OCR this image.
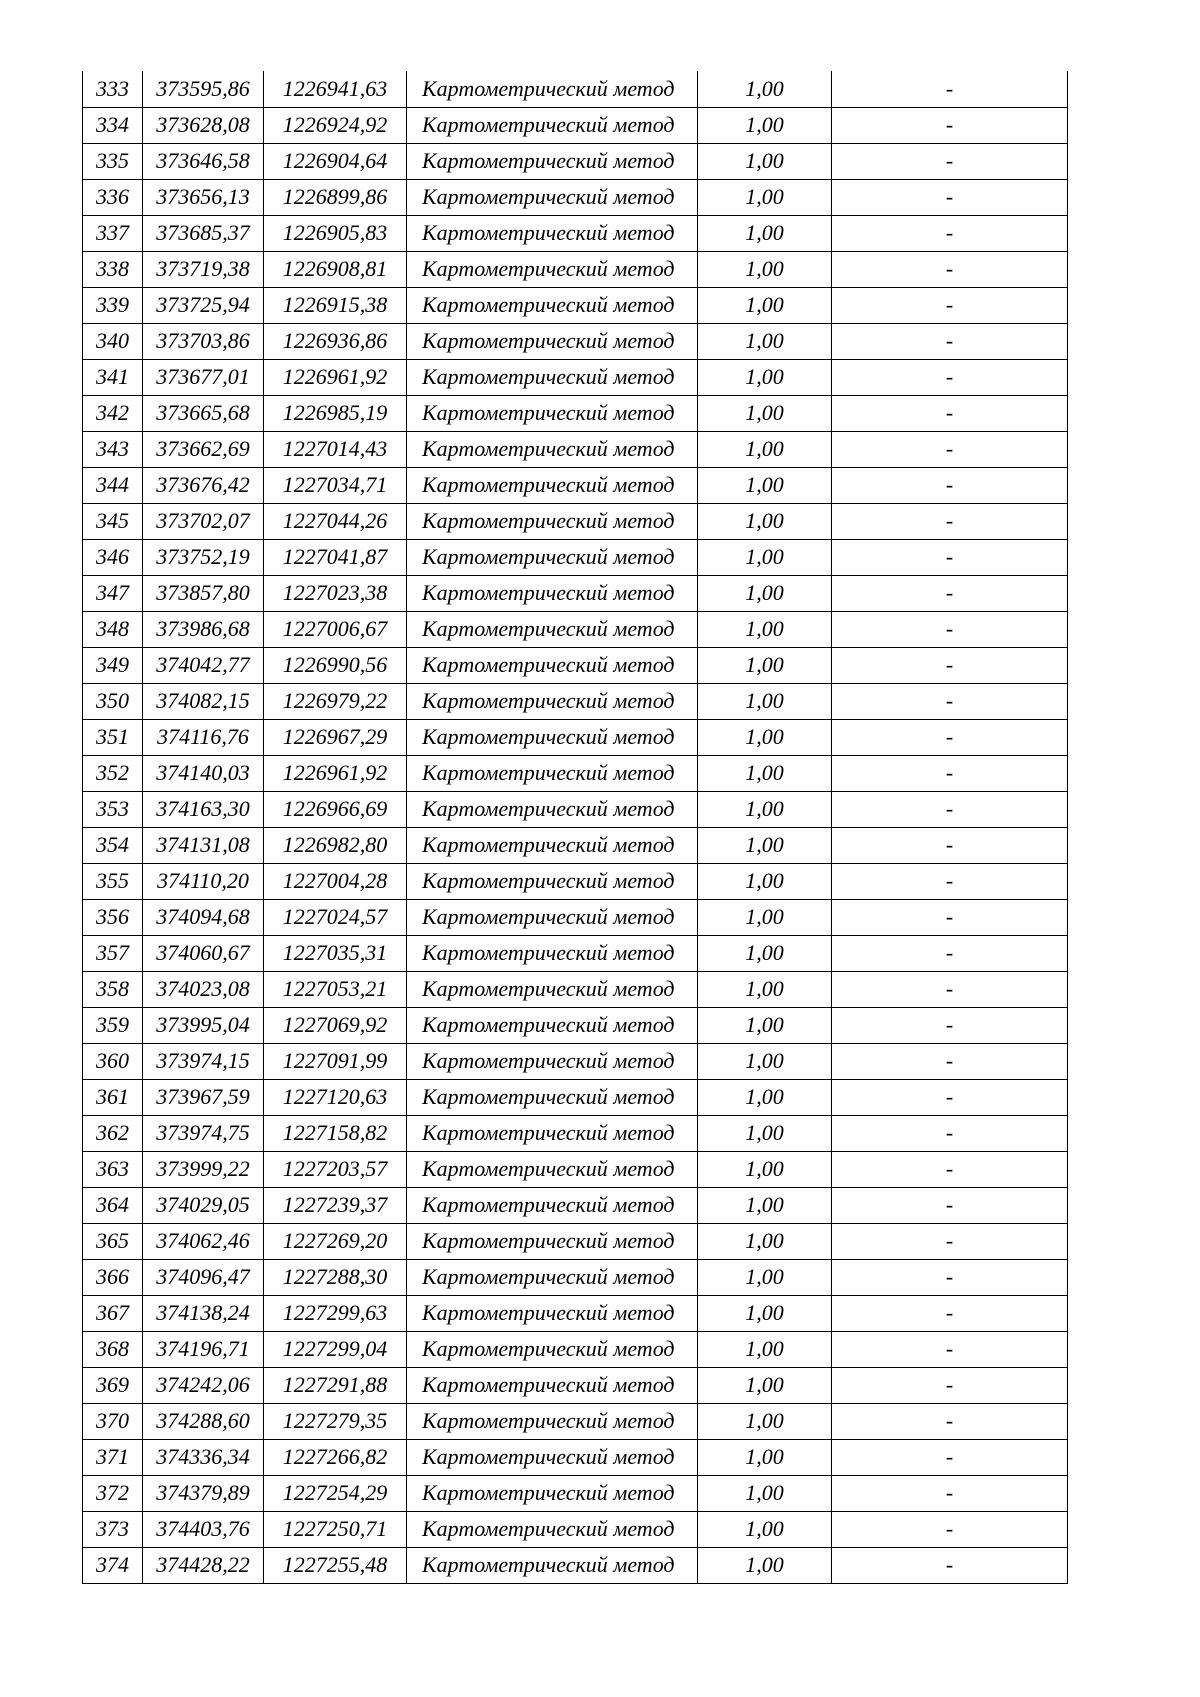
333	373595,86	1226941,63	Картометрический метод	1,00	-
334	373628,08	1226924,92	Картометрический метод	1,00	-
335	373646,58	1226904,64	Картометрический метод	1,00	-
336	373656,13	1226899,86	Картометрический метод	1,00	-
337	373685,37	1226905,83	Картометрический метод	1,00	-
338	373719,38	1226908,81	Картометрический метод	1,00	-
339	373725,94	1226915,38	Картометрический метод	1,00	-
340	373703,86	1226936,86	Картометрический метод	1,00	-
341	373677,01	1226961,92	Картометрический метод	1,00	-
342	373665,68	1226985,19	Картометрический метод	1,00	-
343	373662,69	1227014,43	Картометрический метод	1,00	-
344	373676,42	1227034,71	Картометрический метод	1,00	-
345	373702,07	1227044,26	Картометрический метод	1,00	-
346	373752,19	1227041,87	Картометрический метод	1,00	-
347	373857,80	1227023,38	Картометрический метод	1,00	-
348	373986,68	1227006,67	Картометрический метод	1,00	-
349	374042,77	1226990,56	Картометрический метод	1,00	-
350	374082,15	1226979,22	Картометрический метод	1,00	-
351	374116,76	1226967,29	Картометрический метод	1,00	-
352	374140,03	1226961,92	Картометрический метод	1,00	-
353	374163,30	1226966,69	Картометрический метод	1,00	-
354	374131,08	1226982,80	Картометрический метод	1,00	-
355	374110,20	1227004,28	Картометрический метод	1,00	-
356	374094,68	1227024,57	Картометрический метод	1,00	-
357	374060,67	1227035,31	Картометрический метод	1,00	-
358	374023,08	1227053,21	Картометрический метод	1,00	-
359	373995,04	1227069,92	Картометрический метод	1,00	-
360	373974,15	1227091,99	Картометрический метод	1,00	-
361	373967,59	1227120,63	Картометрический метод	1,00	-
362	373974,75	1227158,82	Картометрический метод	1,00	-
363	373999,22	1227203,57	Картометрический метод	1,00	-
364	374029,05	1227239,37	Картометрический метод	1,00	-
365	374062,46	1227269,20	Картометрический метод	1,00	-
366	374096,47	1227288,30	Картометрический метод	1,00	-
367	374138,24	1227299,63	Картометрический метод	1,00	-
368	374196,71	1227299,04	Картометрический метод	1,00	-
369	374242,06	1227291,88	Картометрический метод	1,00	-
370	374288,60	1227279,35	Картометрический метод	1,00	-
371	374336,34	1227266,82	Картометрический метод	1,00	-
372	374379,89	1227254,29	Картометрический метод	1,00	-
373	374403,76	1227250,71	Картометрический метод	1,00	-
374	374428,22	1227255,48	Картометрический метод	1,00	-
